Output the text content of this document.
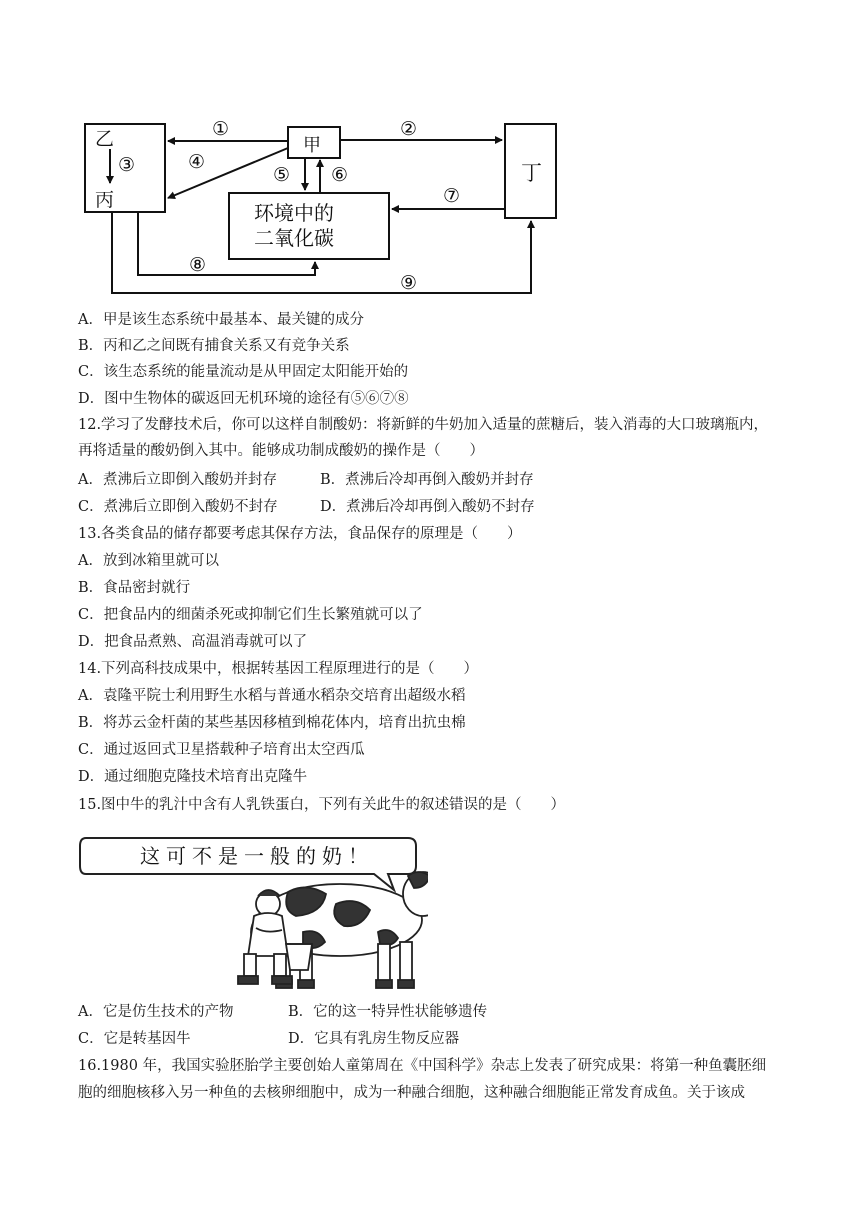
乙
丙
甲
丁
环境中的
二氧化碳
①	②
③	④
⑤ ⑥
⑦
⑧
⑨
A．甲是该生态系统中最基本、最关键的成分
B．丙和乙之间既有捕食关系又有竞争关系
C．该生态系统的能量流动是从甲固定太阳能开始的
D．图中生物体的碳返回无机环境的途径有⑤⑥⑦⑧
12.学习了发酵技术后，你可以这样自制酸奶：将新鲜的牛奶加入适量的蔗糖后，装入消毒的大口玻璃瓶内，
再将适量的酸奶倒入其中。能够成功制成酸奶的操作是（　　）
A．煮沸后立即倒入酸奶并封存	B．煮沸后冷却再倒入酸奶并封存
C．煮沸后立即倒入酸奶不封存	D．煮沸后冷却再倒入酸奶不封存
13.各类食品的储存都要考虑其保存方法，食品保存的原理是（　　）
A．放到冰箱里就可以
B．食品密封就行
C．把食品内的细菌杀死或抑制它们生长繁殖就可以了
D．把食品煮熟、高温消毒就可以了
14.下列高科技成果中，根据转基因工程原理进行的是（　　）
A．袁隆平院士利用野生水稻与普通水稻杂交培育出超级水稻
B．将苏云金杆菌的某些基因移植到棉花体内，培育出抗虫棉
C．通过返回式卫星搭载种子培育出太空西瓜
D．通过细胞克隆技术培育出克隆牛
15.图中牛的乳汁中含有人乳铁蛋白，下列有关此牛的叙述错误的是（　　）
这可不是一般的奶！
A．它是仿生技术的产物	B．它的这一特异性状能够遗传
C．它是转基因牛	D．它具有乳房生物反应器
16.1980 年，我国实验胚胎学主要创始人童第周在《中国科学》杂志上发表了研究成果：将第一种鱼囊胚细
胞的细胞核移入另一种鱼的去核卵细胞中，成为一种融合细胞，这种融合细胞能正常发育成鱼。关于该成
